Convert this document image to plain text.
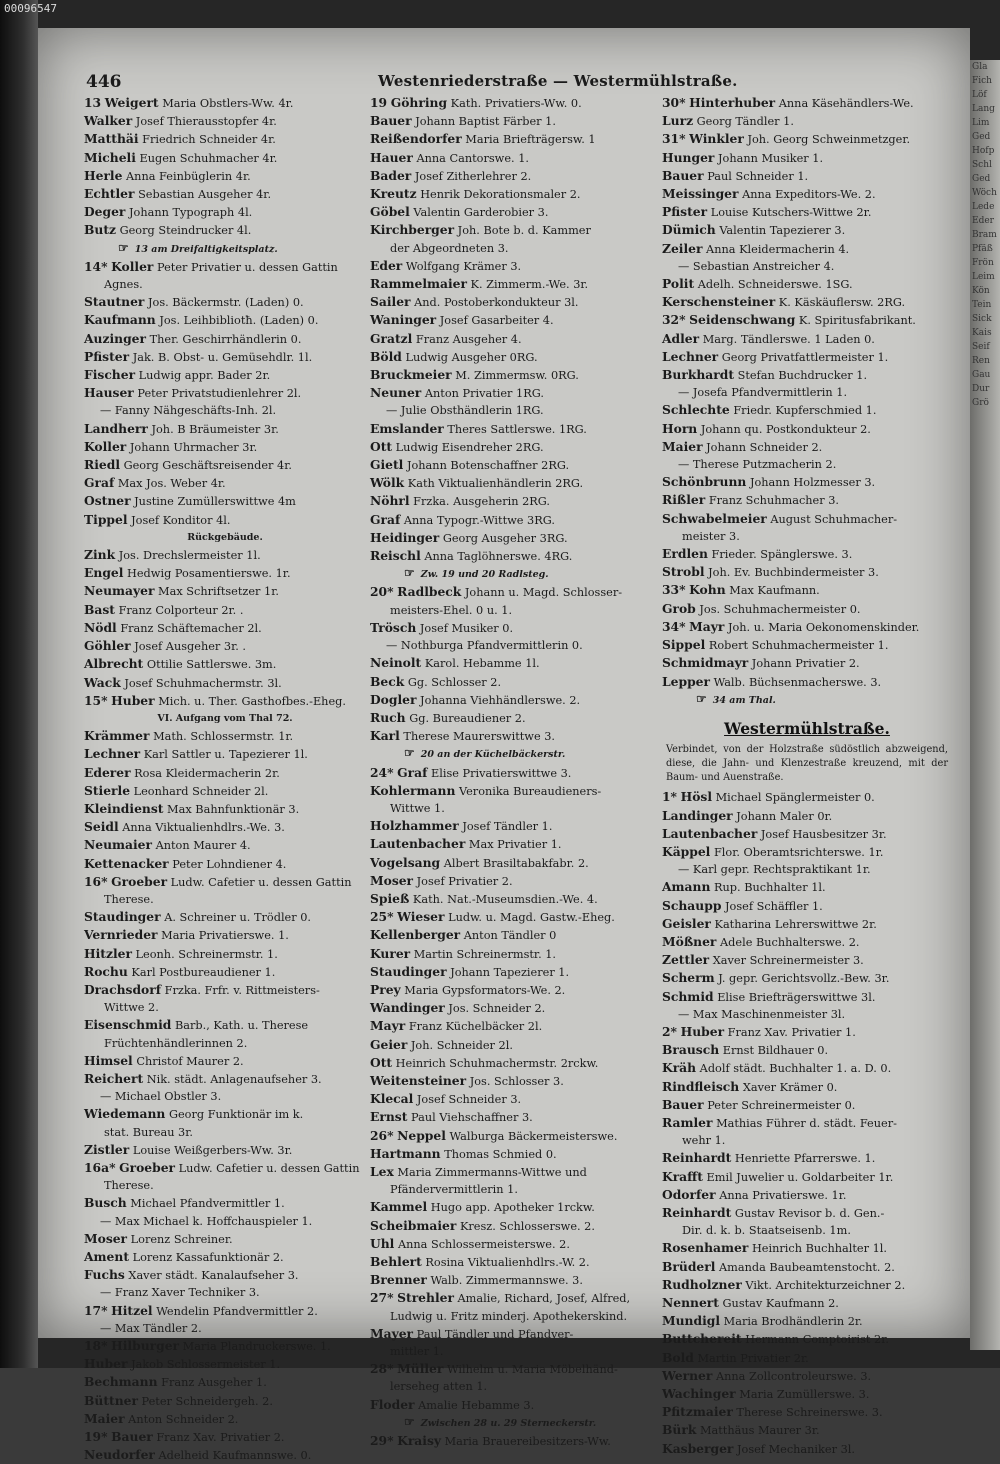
00096547
Gla
Fich
Löf
Lang
Lim
Ged
Hofp
Schl
Ged
Wöch
Lede
Eder
Bram
Pfäß
Frön
Leim
Kön
Tein
Sick
Kais
Seif
Ren
Gau
Dur
Grö
446	Westenriederstraße — Westermühlstraße.
13 Weigert Maria Obstlers-Ww. 4r.
Walker Josef Thierausstopfer 4r.
Matthäi Friedrich Schneider 4r.
Micheli Eugen Schuhmacher 4r.
Herle Anna Feinbüglerin 4r.
Echtler Sebastian Ausgeher 4r.
Deger Johann Typograph 4l.
Butz Georg Steindrucker 4l.
☞ 13 am Dreifaltigkeitsplatz.
14* Koller Peter Privatier u. dessen Gattin
Agnes.
Stautner Jos. Bäckermstr. (Laden) 0.
Kaufmann Jos. Leihbibliotħ. (Laden) 0.
Auzinger Ther. Geschirrhändlerin 0.
Pfister Jak. B. Obst- u. Gemüsehdlr. 1l.
Fischer Ludwig appr. Bader 2r.
Hauser Peter Privatstudienlehrer 2l.
— Fanny Nähgeschäfts-Inh. 2l.
Landherr Joh. B Bräumeister 3r.
Koller Johann Uhrmacher 3r.
Riedl Georg Geschäftsreisender 4r.
Graf Max Jos. Weber 4r.
Ostner Justine Zumüllerswittwe 4m
Tippel Josef Konditor 4l.
Rückgebäude.
Zink Jos. Drechslermeister 1l.
Engel Hedwig Posamentierswe. 1r.
Neumayer Max Schriftsetzer 1r.
Bast Franz Colporteur 2r. .
Nödl Franz Schäftemacher 2l.
Göhler Josef Ausgeher 3r. .
Albrecht Ottilie Sattlerswe. 3m.
Wack Josef Schuhmachermstr. 3l.
15* Huber Mich. u. Ther. Gasthofbes.-Eheg.
VI. Aufgang vom Thal 72.
Krämmer Math. Schlossermstr. 1r.
Lechner Karl Sattler u. Tapezierer 1l.
Ederer Rosa Kleidermacherin 2r.
Stierle Leonhard Schneider 2l.
Kleindienst Max Bahnfunktionär 3.
Seidl Anna Viktualienhdlrs.-We. 3.
Neumaier Anton Maurer 4.
Kettenacker Peter Lohndiener 4.
16* Groeber Ludw. Cafetier u. dessen Gattin
Therese.
Staudinger A. Schreiner u. Trödler 0.
Vernrieder Maria Privatierswe. 1.
Hitzler Leonh. Schreinermstr. 1.
Rochu Karl Postbureaudiener 1.
Drachsdorf Frzka. Frfr. v. Rittmeisters-
Wittwe 2.
Eisenschmid Barb., Kath. u. Therese
Früchtenhändlerinnen 2.
Himsel Christof Maurer 2.
Reichert Nik. städt. Anlagenaufseher 3.
— Michael Obstler 3.
Wiedemann Georg Funktionär im k.
stat. Bureau 3r.
Zistler Louise Weißgerbers-Ww. 3r.
16a* Groeber Ludw. Cafetier u. dessen Gattin
Therese.
Busch Michael Pfandvermittler 1.
— Max Michael k. Hoffchauspieler 1.
Moser Lorenz Schreiner.
Ament Lorenz Kassafunktionär 2.
Fuchs Xaver städt. Kanalaufseher 3.
— Franz Xaver Techniker 3.
17* Hitzel Wendelin Pfandvermittler 2.
— Max Tändler 2.
18* Hilburger Maria Plandruckerswe. 1.
Huber Jakob Schlossermeister 1.
Bechmann Franz Ausgeher 1.
Büttner Peter Schneidergeh. 2.
Maier Anton Schneider 2.
19* Bauer Franz Xav. Privatier 2.
Neudorfer Adelheid Kaufmannswe. 0.
19 Göhring Kath. Privatiers-Ww. 0.
Bauer Johann Baptist Färber 1.
Reißendorfer Maria Briefträgersw. 1
Hauer Anna Cantorswe. 1.
Bader Josef Zitherlehrer 2.
Kreutz Henrik Dekorationsmaler 2.
Göbel Valentin Garderobier 3.
Kirchberger Joh. Bote b. d. Kammer
der Abgeordneten 3.
Eder Wolfgang Krämer 3.
Rammelmaier K. Zimmerm.-We. 3r.
Sailer And. Postoberkondukteur 3l.
Waninger Josef Gasarbeiter 4.
Gratzl Franz Ausgeher 4.
Böld Ludwig Ausgeher 0RG.
Bruckmeier M. Zimmermsw. 0RG.
Neuner Anton Privatier 1RG.
— Julie Obsthändlerin 1RG.
Emslander Theres Sattlerswe. 1RG.
Ott Ludwig Eisendreher 2RG.
Gietl Johann Botenschaffner 2RG.
Wölk Kath Viktualienhändlerin 2RG.
Nöhrl Frzka. Ausgeherin 2RG.
Graf Anna Typogr.-Wittwe 3RG.
Heidinger Georg Ausgeher 3RG.
Reischl Anna Taglöhnerswe. 4RG.
☞ Zw. 19 und 20 Radlsteg.
20* Radlbeck Johann u. Magd. Schlosser-
meisters-Ehel. 0 u. 1.
Trösch Josef Musiker 0.
— Nothburga Pfandvermittlerin 0.
Neinolt Karol. Hebamme 1l.
Beck Gg. Schlosser 2.
Dogler Johanna Viehhändlerswe. 2.
Ruch Gg. Bureaudiener 2.
Karl Therese Maurerswittwe 3.
☞ 20 an der Küchelbäckerstr.
24* Graf Elise Privatierswittwe 3.
Kohlermann Veronika Bureaudieners-
Wittwe 1.
Holzhammer Josef Tändler 1.
Lautenbacher Max Privatier 1.
Vogelsang Albert Brasiltabakfabr. 2.
Moser Josef Privatier 2.
Spieß Kath. Nat.-Museumsdien.-We. 4.
25* Wieser Ludw. u. Magd. Gastw.-Eheg.
Kellenberger Anton Tändler 0
Kurer Martin Schreinermstr. 1.
Staudinger Johann Tapezierer 1.
Prey Maria Gypsformators-We. 2.
Wandinger Jos. Schneider 2.
Mayr Franz Küchelbäcker 2l.
Geier Joh. Schneider 2l.
Ott Heinrich Schuhmachermstr. 2rckw.
Weitensteiner Jos. Schlosser 3.
Klecal Josef Schneider 3.
Ernst Paul Viehschaffner 3.
26* Neppel Walburga Bäckermeisterswe.
Hartmann Thomas Schmied 0.
Lex Maria Zimmermanns-Wittwe und
Pfändervermittlerin 1.
Kammel Hugo app. Apotheker 1rckw.
Scheibmaier Kresz. Schlosserswe. 2.
Uhl Anna Schlossermeisterswe. 2.
Behlert Rosina Viktualienhdlrs.-W. 2.
Brenner Walb. Zimmermannswe. 3.
27* Strehler Amalie, Richard, Josef, Alfred,
Ludwig u. Fritz minderj. Apothekerskind.
Mayer Paul Tändler und Pfandver-
mittler 1.
28* Müller Wilhelm u. Maria Möbelhänd-
lerseheg atten 1.
Floder Amalie Hebamme 3.
☞ Zwischen 28 u. 29 Sterneckerstr.
29* Kraisy Maria Brauereibesitzers-Ww.
30* Hinterhuber Anna Käsehändlers-We.
Lurz Georg Tändler 1.
31* Winkler Joh. Georg Schweinmetzger.
Hunger Johann Musiker 1.
Bauer Paul Schneider 1.
Meissinger Anna Expeditors-We. 2.
Pfister Louise Kutschers-Wittwe 2r.
Dümich Valentin Tapezierer 3.
Zeiler Anna Kleidermacherin 4.
— Sebastian Anstreicher 4.
Polit Adelh. Schneiderswe. 1SG.
Kerschensteiner K. Käskäuflersw. 2RG.
32* Seidenschwang K. Spiritusfabrikant.
Adler Marg. Tändlerswe. 1 Laden 0.
Lechner Georg Privatfattlermeister 1.
Burkhardt Stefan Buchdrucker 1.
— Josefa Pfandvermittlerin 1.
Schlechte Friedr. Kupferschmied 1.
Horn Johann qu. Postkondukteur 2.
Maier Johann Schneider 2.
— Therese Putzmacherin 2.
Schönbrunn Johann Holzmesser 3.
Rißler Franz Schuhmacher 3.
Schwabelmeier August Schuhmacher-
meister 3.
Erdlen Frieder. Spänglerswe. 3.
Strobl Joh. Ev. Buchbindermeister 3.
33* Kohn Max Kaufmann.
Grob Jos. Schuhmachermeister 0.
34* Mayr Joh. u. Maria Oekonomenskinder.
Sippel Robert Schuhmachermeister 1.
Schmidmayr Johann Privatier 2.
Lepper Walb. Büchsenmacherswe. 3.
☞ 34 am Thal.
Westermühlstraße.
Verbindet, von der Holzstraße südöstlich abzweigend, diese, die Jahn- und Klenzestraße kreuzend, mit der Baum- und Auenstraße.
1* Hösl Michael Spänglermeister 0.
Landinger Johann Maler 0r.
Lautenbacher Josef Hausbesitzer 3r.
Käppel Flor. Oberamtsrichterswe. 1r.
— Karl gepr. Rechtspraktikant 1r.
Amann Rup. Buchhalter 1l.
Schaupp Josef Schäffler 1.
Geisler Katharina Lehrerswittwe 2r.
Mößner Adele Buchhalterswe. 2.
Zettler Xaver Schreinermeister 3.
Scherm J. gepr. Gerichtsvollz.-Bew. 3r.
Schmid Elise Briefträgerswittwe 3l.
— Max Maschinenmeister 3l.
2* Huber Franz Xav. Privatier 1.
Brausch Ernst Bildhauer 0.
Kräh Adolf städt. Buchhalter 1. a. D. 0.
Rindfleisch Xaver Krämer 0.
Bauer Peter Schreinermeister 0.
Ramler Mathias Führer d. städt. Feuer-
wehr 1.
Reinhardt Henriette Pfarrerswe. 1.
Krafft Emil Juwelier u. Goldarbeiter 1r.
Odorfer Anna Privatierswe. 1r.
Reinhardt Gustav Revisor b. d. Gen.-
Dir. d. k. b. Staatseisenb. 1m.
Rosenhamer Heinrich Buchhalter 1l.
Brüderl Amanda Baubeamtenstocht. 2.
Rudholzner Vikt. Architekturzeichner 2.
Nennert Gustav Kaufmann 2.
Mundigl Maria Brodhändlerin 2r.
Buttchereit Hermann Comptoirist 2r.
Bold Martin Privatier 2r.
Werner Anna Zollcontroleurswe. 3.
Wachinger Maria Zumüllerswe. 3.
Pfitzmaier Therese Schreinerswe. 3.
Bürk Matthäus Maurer 3r.
Kasberger Josef Mechaniker 3l.
